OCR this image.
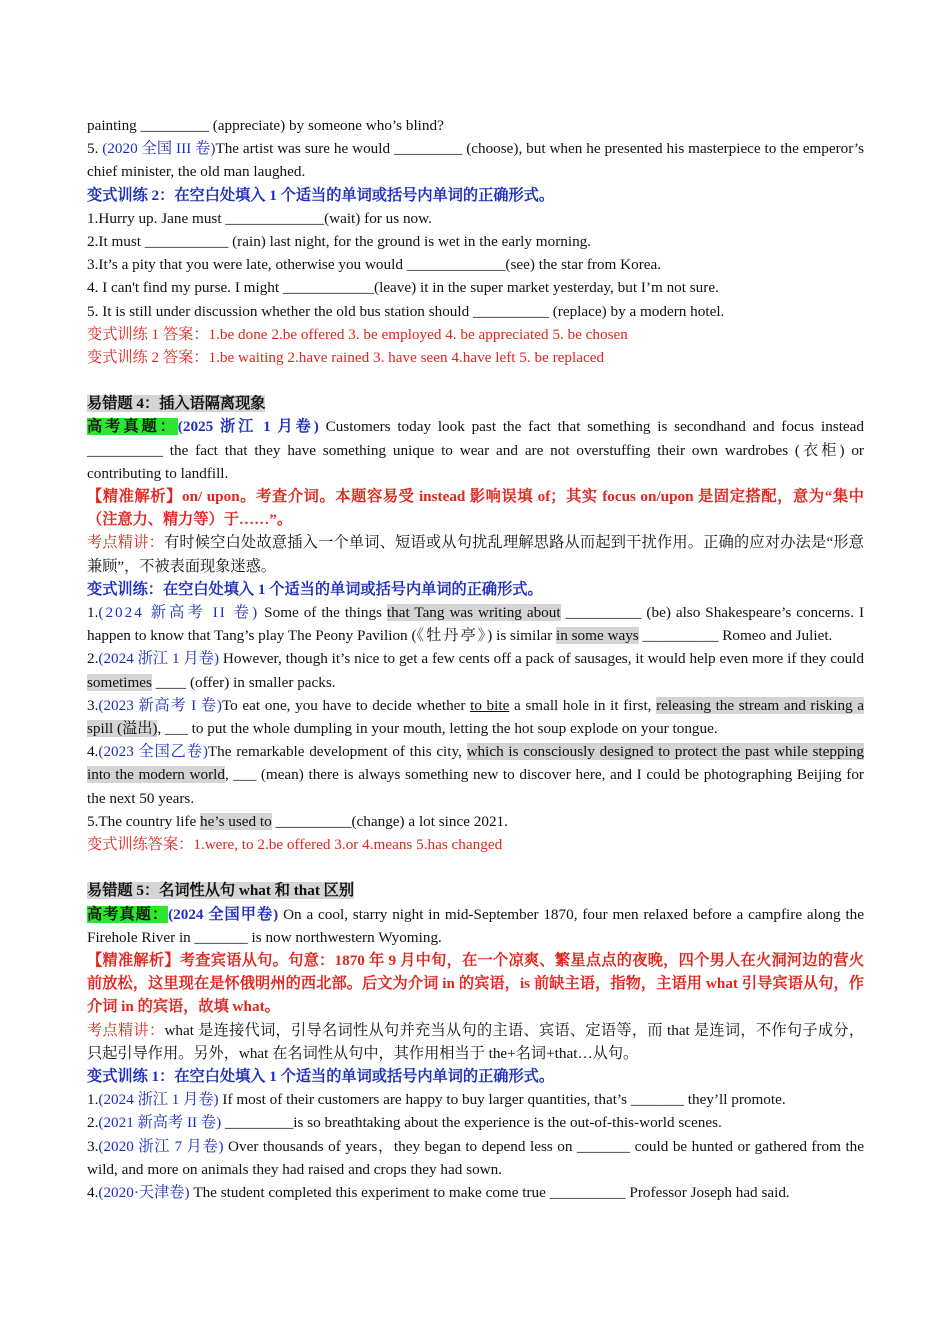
painting _________ (appreciate) by someone who’s blind?

5. (2020 全国 III 卷)The artist was sure he would _________ (choose), but when he presented his masterpiece to the emperor’s chief minister, the old man laughed.

变式训练 2：在空白处填入 1 个适当的单词或括号内单词的正确形式。

1.Hurry up. Jane must _____________(wait) for us now.

2.It must ___________ (rain) last night, for the ground is wet in the early morning.

3.It’s a pity that you were late, otherwise you would _____________(see) the star from Korea.

4. I can't find my purse. I might ____________(leave) it in the super market yesterday, but I’m not sure.

5. It is still under discussion whether the old bus station should __________ (replace) by a modern hotel.

变式训练 1 答案：1.be done 2.be offered 3. be employed 4. be appreciated 5. be chosen

变式训练 2 答案：1.be waiting 2.have rained 3. have seen 4.have left 5. be replaced

易错题 4：插入语隔离现象

高考真题：(2025 浙江 1 月卷) Customers today look past the fact that something is secondhand and focus instead __________ the fact that they have something unique to wear and are not overstuffing their own wardrobes (衣柜) or contributing to landfill.

【精准解析】on/ upon。考查介词。本题容易受 instead 影响误填 of；其实 focus on/upon 是固定搭配，意为“集中（注意力、精力等）于……”。

考点精讲：有时候空白处故意插入一个单词、短语或从句扰乱理解思路从而起到干扰作用。正确的应对办法是“形意兼顾”，不被表面现象迷惑。

变式训练：在空白处填入 1 个适当的单词或括号内单词的正确形式。

1.(2024 新高考 II 卷) Some of the things that Tang was writing about __________ (be) also Shakespeare’s concerns. I happen to know that Tang’s play The Peony Pavilion (《牡丹亭》) is similar in some ways __________ Romeo and Juliet.

2.(2024 浙江 1 月卷) However, though it’s nice to get a few cents off a pack of sausages, it would help even more if they could sometimes ____ (offer) in smaller packs.

3.(2023 新高考 I 卷)To eat one, you have to decide whether to bite a small hole in it first, releasing the stream and risking a spill (溢出), ___ to put the whole dumpling in your mouth, letting the hot soup explode on your tongue.

4.(2023 全国乙卷)The remarkable development of this city, which is consciously designed to protect the past while stepping into the modern world, ___ (mean) there is always something new to discover here, and I could be photographing Beijing for the next 50 years.

5.The country life he’s used to __________(change) a lot since 2021.

变式训练答案：1.were, to 2.be offered 3.or 4.means 5.has changed

易错题 5：名词性从句 what 和 that 区别

高考真题：(2024 全国甲卷) On a cool, starry night in mid-September 1870, four men relaxed before a campfire along the Firehole River in _______ is now northwestern Wyoming.

【精准解析】考查宾语从句。句意：1870 年 9 月中旬，在一个凉爽、繁星点点的夜晚，四个男人在火洞河边的营火前放松，这里现在是怀俄明州的西北部。后文为介词 in 的宾语，is 前缺主语，指物，主语用 what 引导宾语从句，作介词 in 的宾语，故填 what。

考点精讲：what 是连接代词，引导名词性从句并充当从句的主语、宾语、定语等，而 that 是连词，不作句子成分，只起引导作用。另外，what 在名词性从句中，其作用相当于 the+名词+that…从句。

变式训练 1：在空白处填入 1 个适当的单词或括号内单词的正确形式。

1.(2024 浙江 1 月卷) If most of their customers are happy to buy larger quantities, that’s _______ they’ll promote.

2.(2021 新高考 II 卷) _________is so breathtaking about the experience is the out-of-this-world scenes.

3.(2020 浙江 7 月卷) Over thousands of years，they began to depend less on _______ could be hunted or gathered from the wild, and more on animals they had raised and crops they had sown.

4.(2020·天津卷) The student completed this experiment to make come true __________ Professor Joseph had said.
